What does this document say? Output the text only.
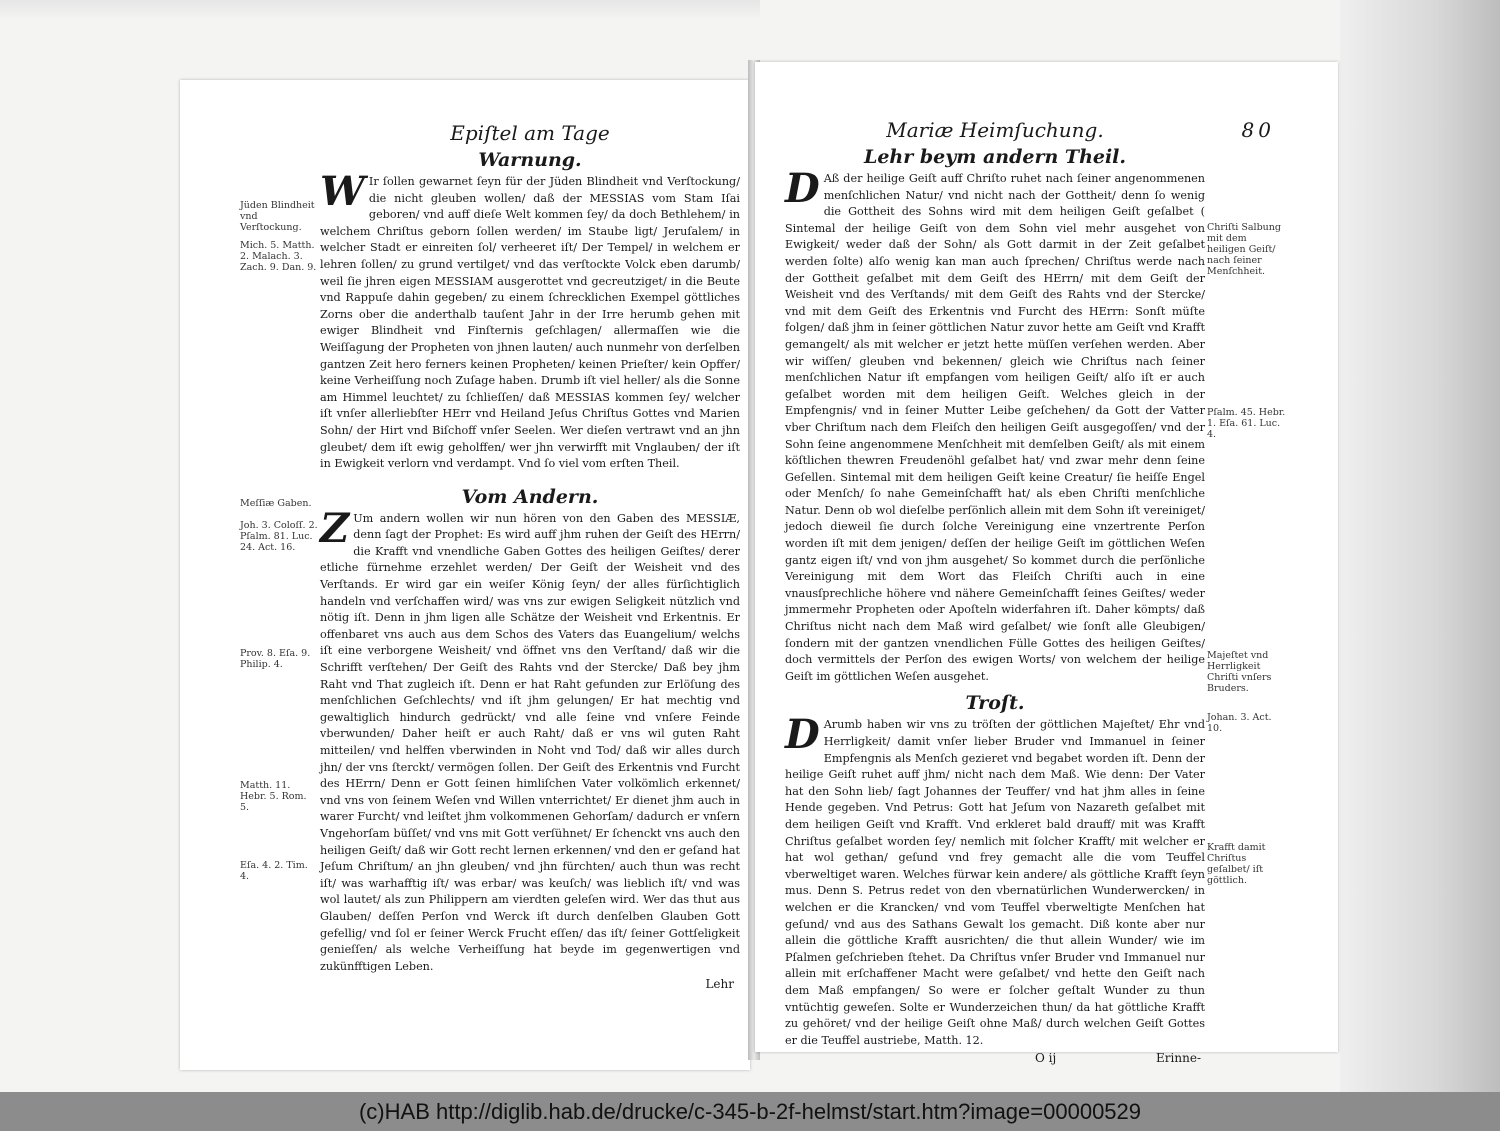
Jüden Blindheit vnd Verſtockung.
Mich. 5. Matth. 2. Malach. 3. Zach. 9. Dan. 9.
Meſſiæ Gaben.
Joh. 3. Coloſſ. 2. Pſalm. 81. Luc. 24. Act. 16.
Prov. 8. Eſa. 9. Philip. 4.
Matth. 11. Hebr. 5. Rom. 5.
Eſa. 4. 2. Tim. 4.
Epiſtel am Tage
Warnung.

W Ir ſollen gewarnet ſeyn für der Jüden Blindheit vnd Verſtockung/ die nicht gleuben wollen/ daß der MESSIAS vom Stam Iſai geboren/ vnd auff dieſe Welt kommen ſey/ da doch Bethlehem/ in welchem Chriſtus geborn ſollen werden/ im Staube ligt/ Jeruſalem/ in welcher Stadt er einreiten ſol/ verheeret iſt/ Der Tempel/ in welchem er lehren ſollen/ zu grund vertilget/ vnd das verſtockte Volck eben darumb/ weil ſie jhren eigen MESSIAM ausgerottet vnd gecreutziget/ in die Beute vnd Rappuſe dahin gegeben/ zu einem ſchrecklichen Exempel göttliches Zorns ober die anderthalb tauſent Jahr in der Irre herumb gehen mit ewiger Blindheit vnd Finſternis geſchlagen/ allermaſſen wie die Weiſſagung der Propheten von jhnen lauten/ auch nunmehr von derſelben gantzen Zeit hero ferners keinen Propheten/ keinen Prieſter/ kein Opffer/ keine Verheiſſung noch Zuſage haben. Drumb iſt viel heller/ als die Sonne am Himmel leuchtet/ zu ſchlieſſen/ daß MESSIAS kommen ſey/ welcher iſt vnſer allerliebſter HErr vnd Heiland Jeſus Chriſtus Gottes vnd Marien Sohn/ der Hirt vnd Biſchoff vnſer Seelen. Wer dieſen vertrawt vnd an jhn gleubet/ dem iſt ewig geholffen/ wer jhn verwirfft mit Vnglauben/ der iſt in Ewigkeit verlorn vnd verdampt. Vnd ſo viel vom erſten Theil.

Vom Andern.

Z Um andern wollen wir nun hören von den Gaben des MESSIÆ, denn ſagt der Prophet: Es wird auff jhm ruhen der Geiſt des HErrn/ die Krafft vnd vnendliche Gaben Gottes des heiligen Geiſtes/ derer etliche fürnehme erzehlet werden/ Der Geiſt der Weisheit vnd des Verſtands. Er wird gar ein weiſer König ſeyn/ der alles fürſichtiglich handeln vnd verſchaffen wird/ was vns zur ewigen Seligkeit nützlich vnd nötig iſt. Denn in jhm ligen alle Schätze der Weisheit vnd Erkentnis. Er offenbaret vns auch aus dem Schos des Vaters das Euangelium/ welchs iſt eine verborgene Weisheit/ vnd öffnet vns den Verſtand/ daß wir die Schrifft verſtehen/ Der Geiſt des Rahts vnd der Stercke/ Daß bey jhm Raht vnd That zugleich iſt. Denn er hat Raht gefunden zur Erlöſung des menſchlichen Geſchlechts/ vnd iſt jhm gelungen/ Er hat mechtig vnd gewaltiglich hindurch gedrückt/ vnd alle ſeine vnd vnſere Feinde vberwunden/ Daher heiſt er auch Raht/ daß er vns wil guten Raht mitteilen/ vnd helffen vberwinden in Noht vnd Tod/ daß wir alles durch jhn/ der vns ſterckt/ vermögen ſollen. Der Geiſt des Erkentnis vnd Furcht des HErrn/ Denn er Gott ſeinen himliſchen Vater volkömlich erkennet/ vnd vns von ſeinem Weſen vnd Willen vnterrichtet/ Er dienet jhm auch in warer Furcht/ vnd leiſtet jhm volkommenen Gehorſam/ dadurch er vnſern Vngehorſam büſſet/ vnd vns mit Gott verſühnet/ Er ſchenckt vns auch den heiligen Geiſt/ daß wir Gott recht lernen erkennen/ vnd den er geſand hat Jeſum Chriſtum/ an jhn gleuben/ vnd jhn fürchten/ auch thun was recht iſt/ was warhafftig iſt/ was erbar/ was keuſch/ was lieblich iſt/ vnd was wol lautet/ als zun Philippern am vierdten geleſen wird. Wer das thut aus Glauben/ deſſen Perſon vnd Werck iſt durch denſelben Glauben Gott gefellig/ vnd ſol er ſeiner Werck Frucht eſſen/ das iſt/ ſeiner Gottſeligkeit genieſſen/ als welche Verheiſſung hat beyde im gegenwertigen vnd zukünfftigen Leben.

Lehr
Chriſti Salbung mit dem heiligen Geiſt/ nach ſeiner Menſchheit.
Pſalm. 45. Hebr. 1. Eſa. 61. Luc. 4.
Majeſtet vnd Herrligkeit Chriſti vnſers Bruders.
Johan. 3. Act. 10.
Krafft damit Chriſtus geſalbet/ iſt göttlich.
Mariæ Heimſuchung.	80
Lehr beym andern Theil.

D Aß der heilige Geiſt auff Chriſto ruhet nach ſeiner angenommenen menſchlichen Natur/ vnd nicht nach der Gottheit/ denn ſo wenig die Gottheit des Sohns wird mit dem heiligen Geiſt geſalbet ( Sintemal der heilige Geiſt von dem Sohn viel mehr ausgehet von Ewigkeit/ weder daß der Sohn/ als Gott darmit in der Zeit geſalbet werden ſolte) alſo wenig kan man auch ſprechen/ Chriſtus werde nach der Gottheit geſalbet mit dem Geiſt des HErrn/ mit dem Geiſt der Weisheit vnd des Verſtands/ mit dem Geiſt des Rahts vnd der Stercke/ vnd mit dem Geiſt des Erkentnis vnd Furcht des HErrn: Sonſt müſte folgen/ daß jhm in ſeiner göttlichen Natur zuvor hette am Geiſt vnd Krafft gemangelt/ als mit welcher er jetzt hette müſſen verſehen werden. Aber wir wiſſen/ gleuben vnd bekennen/ gleich wie Chriſtus nach ſeiner menſchlichen Natur iſt empfangen vom heiligen Geiſt/ alſo iſt er auch geſalbet worden mit dem heiligen Geiſt. Welches gleich in der Empfengnis/ vnd in ſeiner Mutter Leibe geſchehen/ da Gott der Vatter vber Chriſtum nach dem Fleiſch den heiligen Geiſt ausgegoſſen/ vnd der Sohn ſeine angenommene Menſchheit mit demſelben Geiſt/ als mit einem köſtlichen thewren Freudenöhl geſalbet hat/ vnd zwar mehr denn ſeine Geſellen. Sintemal mit dem heiligen Geiſt keine Creatur/ ſie heiſſe Engel oder Menſch/ ſo nahe Gemeinſchafft hat/ als eben Chriſti menſchliche Natur. Denn ob wol dieſelbe perſönlich allein mit dem Sohn iſt vereiniget/ jedoch dieweil ſie durch ſolche Vereinigung eine vnzertrente Perſon worden iſt mit dem jenigen/ deſſen der heilige Geiſt im göttlichen Weſen gantz eigen iſt/ vnd von jhm ausgehet/ So kommet durch die perſönliche Vereinigung mit dem Wort das Fleiſch Chriſti auch in eine vnausſprechliche höhere vnd nähere Gemeinſchafft ſeines Geiſtes/ weder jmmermehr Propheten oder Apoſteln widerfahren iſt. Daher kömpts/ daß Chriſtus nicht nach dem Maß wird geſalbet/ wie ſonſt alle Gleubigen/ ſondern mit der gantzen vnendlichen Fülle Gottes des heiligen Geiſtes/ doch vermittels der Perſon des ewigen Worts/ von welchem der heilige Geiſt im göttlichen Weſen ausgehet.

Troſt.

D Arumb haben wir vns zu tröſten der göttlichen Majeſtet/ Ehr vnd Herrligkeit/ damit vnſer lieber Bruder vnd Immanuel in ſeiner Empfengnis als Menſch gezieret vnd begabet worden iſt. Denn der heilige Geiſt ruhet auff jhm/ nicht nach dem Maß. Wie denn: Der Vater hat den Sohn lieb/ ſagt Johannes der Teuffer/ vnd hat jhm alles in ſeine Hende gegeben. Vnd Petrus: Gott hat Jeſum von Nazareth geſalbet mit dem heiligen Geiſt vnd Krafft. Vnd erkleret bald drauff/ mit was Krafft Chriſtus geſalbet worden ſey/ nemlich mit ſolcher Krafft/ mit welcher er hat wol gethan/ geſund vnd frey gemacht alle die vom Teuffel vberweltiget waren. Welches fürwar kein andere/ als göttliche Krafft ſeyn mus. Denn S. Petrus redet von den vbernatürlichen Wunderwercken/ in welchen er die Krancken/ vnd vom Teuffel vberweltigte Menſchen hat geſund/ vnd aus des Sathans Gewalt los gemacht. Diß konte aber nur allein die göttliche Krafft ausrichten/ die thut allein Wunder/ wie im Pſalmen geſchrieben ſtehet. Da Chriſtus vnſer Bruder vnd Immanuel nur allein mit erſchaffener Macht were geſalbet/ vnd hette den Geiſt nach dem Maß empfangen/ So were er ſolcher geſtalt Wunder zu thun vntüchtig geweſen. Solte er Wunderzeichen thun/ da hat göttliche Krafft zu gehöret/ vnd der heilige Geiſt ohne Maß/ durch welchen Geiſt Gottes er die Teuffel austriebe, Matth. 12.

O ij	Erinne-
(c)HAB http://diglib.hab.de/drucke/c-345-b-2f-helmst/start.htm?image=00000529
